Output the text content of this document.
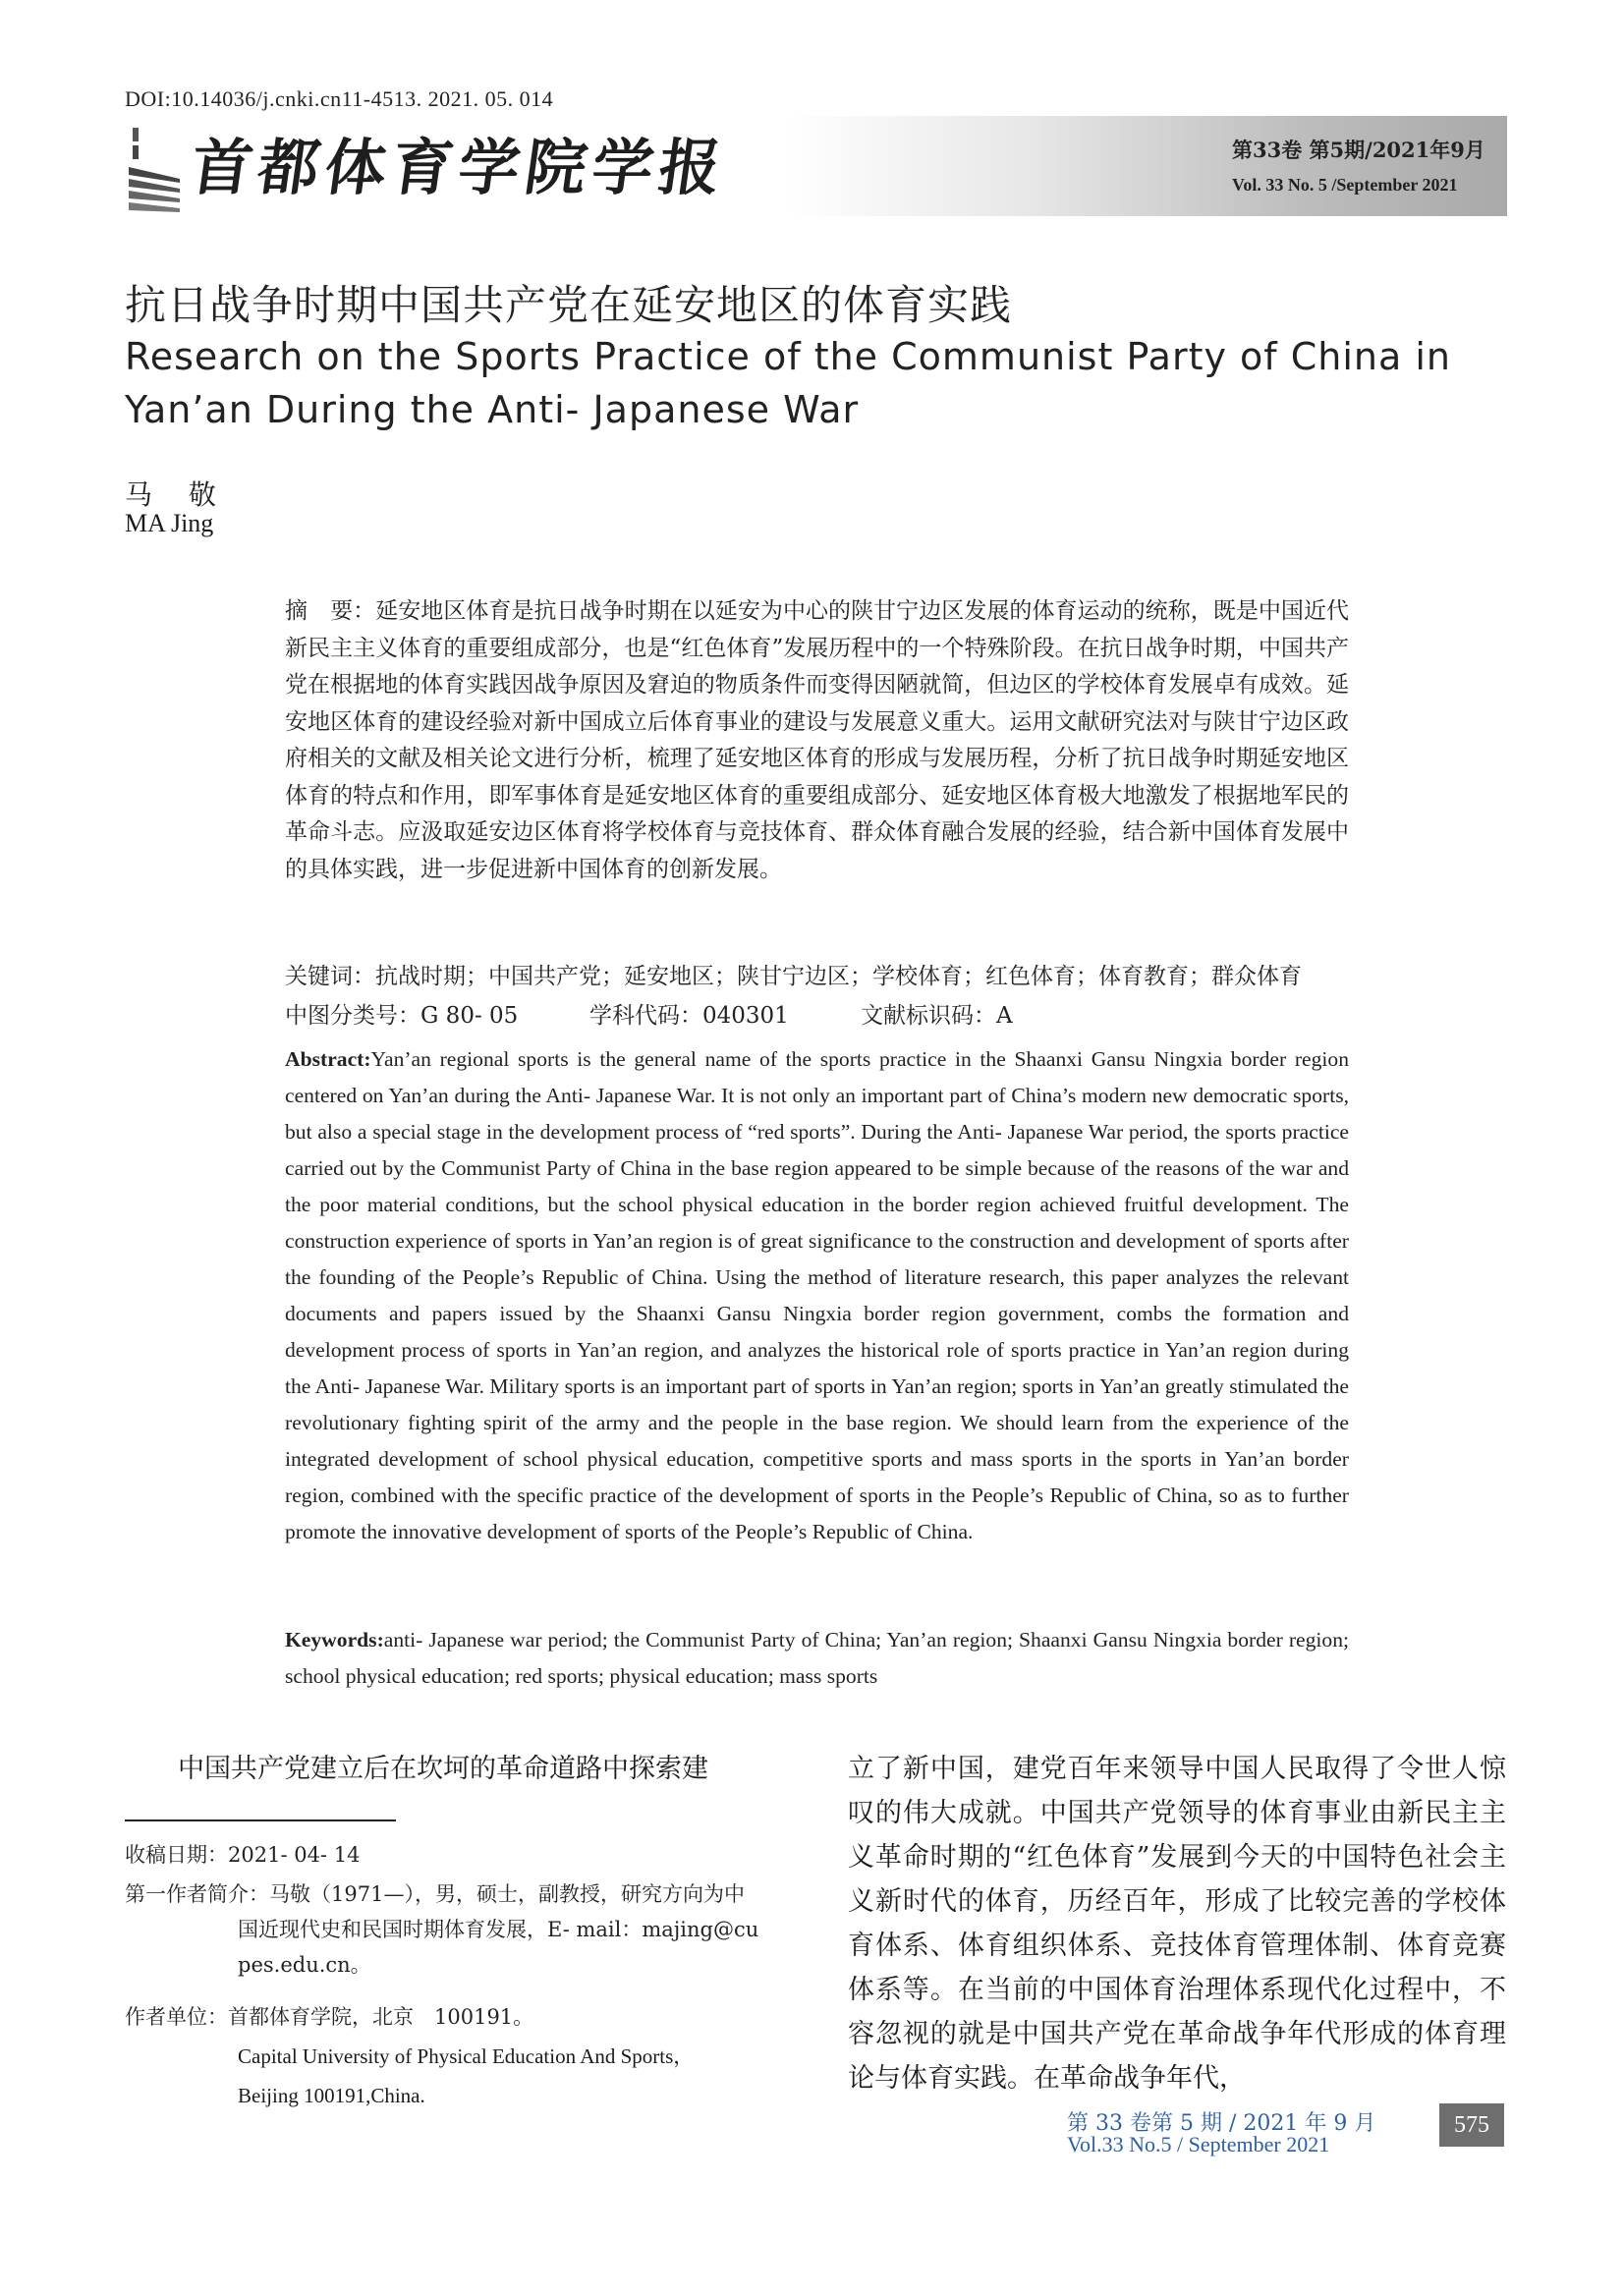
DOI:10.14036/j.cnki.cn11-4513. 2021. 05. 014
首都体育学院学报	第33卷 第5期/2021年9月
Vol. 33 No. 5 /September 2021
抗日战争时期中国共产党在延安地区的体育实践
Research on the Sports Practice of the Communist Party of China in Yan’an During the Anti- Japanese War
马 敬
MA Jing
摘　要：延安地区体育是抗日战争时期在以延安为中心的陕甘宁边区发展的体育运动的统称，既是中国近代新民主主义体育的重要组成部分，也是“红色体育”发展历程中的一个特殊阶段。在抗日战争时期，中国共产党在根据地的体育实践因战争原因及窘迫的物质条件而变得因陋就简，但边区的学校体育发展卓有成效。延安地区体育的建设经验对新中国成立后体育事业的建设与发展意义重大。运用文献研究法对与陕甘宁边区政府相关的文献及相关论文进行分析，梳理了延安地区体育的形成与发展历程，分析了抗日战争时期延安地区体育的特点和作用，即军事体育是延安地区体育的重要组成部分、延安地区体育极大地激发了根据地军民的革命斗志。应汲取延安边区体育将学校体育与竞技体育、群众体育融合发展的经验，结合新中国体育发展中的具体实践，进一步促进新中国体育的创新发展。
关键词：抗战时期；中国共产党；延安地区；陕甘宁边区；学校体育；红色体育；体育教育；群众体育
中图分类号：G 80- 05	学科代码：040301	文献标识码：A
Abstract:Yan’an regional sports is the general name of the sports practice in the Shaanxi Gansu Ningxia border region centered on Yan’an during the Anti- Japanese War. It is not only an important part of China’s modern new democratic sports, but also a special stage in the development process of “red sports”. During the Anti- Japanese War period, the sports practice carried out by the Communist Party of China in the base region appeared to be simple because of the reasons of the war and the poor material conditions, but the school physical education in the border region achieved fruitful development. The construction experience of sports in Yan’an region is of great significance to the construction and development of sports after the founding of the People’s Republic of China. Using the method of literature research, this paper analyzes the relevant documents and papers issued by the Shaanxi Gansu Ningxia border region government, combs the formation and development process of sports in Yan’an region, and analyzes the historical role of sports practice in Yan’an region during the Anti- Japanese War. Military sports is an important part of sports in Yan’an region; sports in Yan’an greatly stimulated the revolutionary fighting spirit of the army and the people in the base region. We should learn from the experience of the integrated development of school physical education, competitive sports and mass sports in the sports in Yan’an border region, combined with the specific practice of the development of sports in the People’s Republic of China, so as to further promote the innovative development of sports of the People’s Republic of China.
Keywords:anti- Japanese war period; the Communist Party of China; Yan’an region; Shaanxi Gansu Ningxia border region; school physical education; red sports; physical education; mass sports
中国共产党建立后在坎坷的革命道路中探索建
收稿日期：2021- 04- 14
第一作者简介：马敬（1971—），男，硕士，副教授，研究方向为中
国近现代史和民国时期体育发展，E- mail：majing@cu
pes.edu.cn。
作者单位：首都体育学院，北京　100191。
Capital University of Physical Education And Sports，
Beijing 100191,China.
立了新中国，建党百年来领导中国人民取得了令世人惊叹的伟大成就。中国共产党领导的体育事业由新民主主义革命时期的“红色体育”发展到今天的中国特色社会主义新时代的体育，历经百年，形成了比较完善的学校体育体系、体育组织体系、竞技体育管理体制、体育竞赛体系等。在当前的中国体育治理体系现代化过程中，不容忽视的就是中国共产党在革命战争年代形成的体育理论与体育实践。在革命战争年代，
第 33 卷第 5 期 / 2021 年 9 月
Vol.33 No.5 / September 2021
575
